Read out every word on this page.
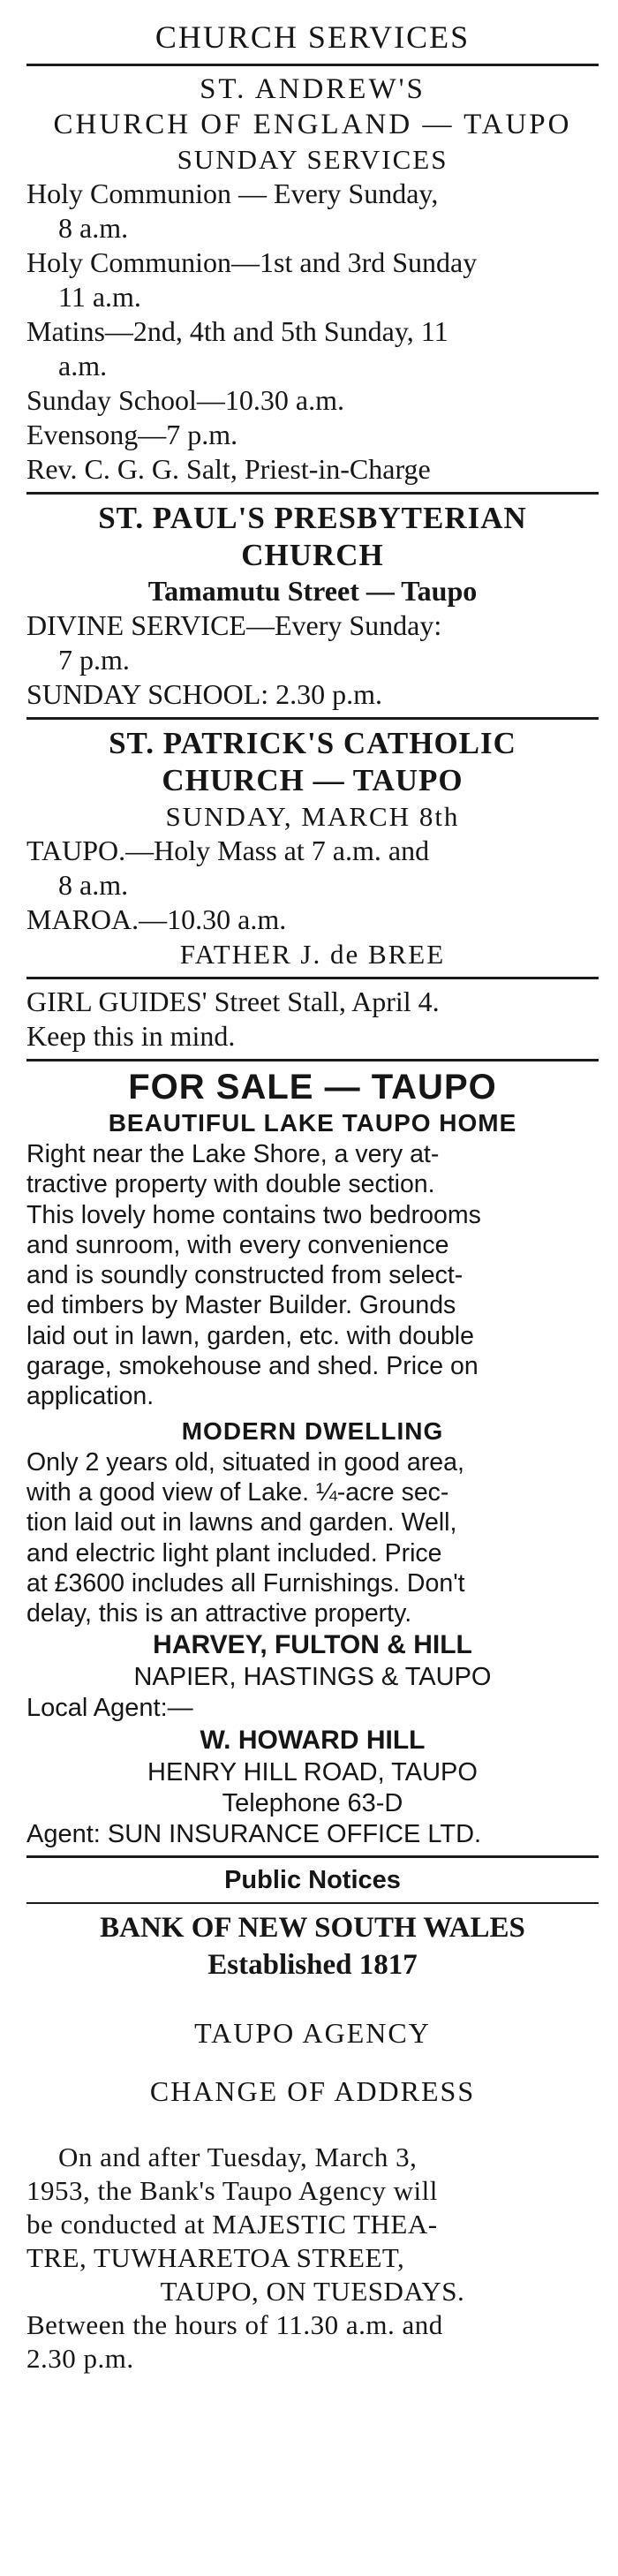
CHURCH SERVICES
ST. ANDREW'S
CHURCH OF ENGLAND — TAUPO
SUNDAY SERVICES
Holy Communion — Every Sunday,
8 a.m.
Holy Communion—1st and 3rd Sunday
11 a.m.
Matins—2nd, 4th and 5th Sunday, 11
a.m.
Sunday School—10.30 a.m.
Evensong—7 p.m.
Rev. C. G. G. Salt, Priest-in-Charge
ST. PAUL'S PRESBYTERIAN
CHURCH
Tamamutu Street — Taupo
DIVINE SERVICE—Every Sunday:
7 p.m.
SUNDAY SCHOOL: 2.30 p.m.
ST. PATRICK'S CATHOLIC
CHURCH — TAUPO
SUNDAY, MARCH 8th
TAUPO.—Holy Mass at 7 a.m. and
8 a.m.
MAROA.—10.30 a.m.
FATHER J. de BREE
GIRL GUIDES' Street Stall, April 4.
Keep this in mind.
FOR SALE — TAUPO
BEAUTIFUL LAKE TAUPO HOME
Right near the Lake Shore, a very at-
tractive property with double section.
This lovely home contains two bedrooms
and sunroom, with every convenience
and is soundly constructed from select-
ed timbers by Master Builder. Grounds
laid out in lawn, garden, etc. with double
garage, smokehouse and shed. Price on
application.
MODERN DWELLING
Only 2 years old, situated in good area,
with a good view of Lake. ¼-acre sec-
tion laid out in lawns and garden. Well,
and electric light plant included. Price
at £3600 includes all Furnishings. Don't
delay, this is an attractive property.
HARVEY, FULTON & HILL
NAPIER, HASTINGS & TAUPO
Local Agent:—
W. HOWARD HILL
HENRY HILL ROAD, TAUPO
Telephone 63-D
Agent: SUN INSURANCE OFFICE LTD.
Public Notices
BANK OF NEW SOUTH WALES
Established 1817
TAUPO AGENCY
CHANGE OF ADDRESS
On and after Tuesday, March 3,
1953, the Bank's Taupo Agency will
be conducted at MAJESTIC THEA-
TRE, TUWHARETOA STREET,
TAUPO, ON TUESDAYS.
Between the hours of 11.30 a.m. and
2.30 p.m.
